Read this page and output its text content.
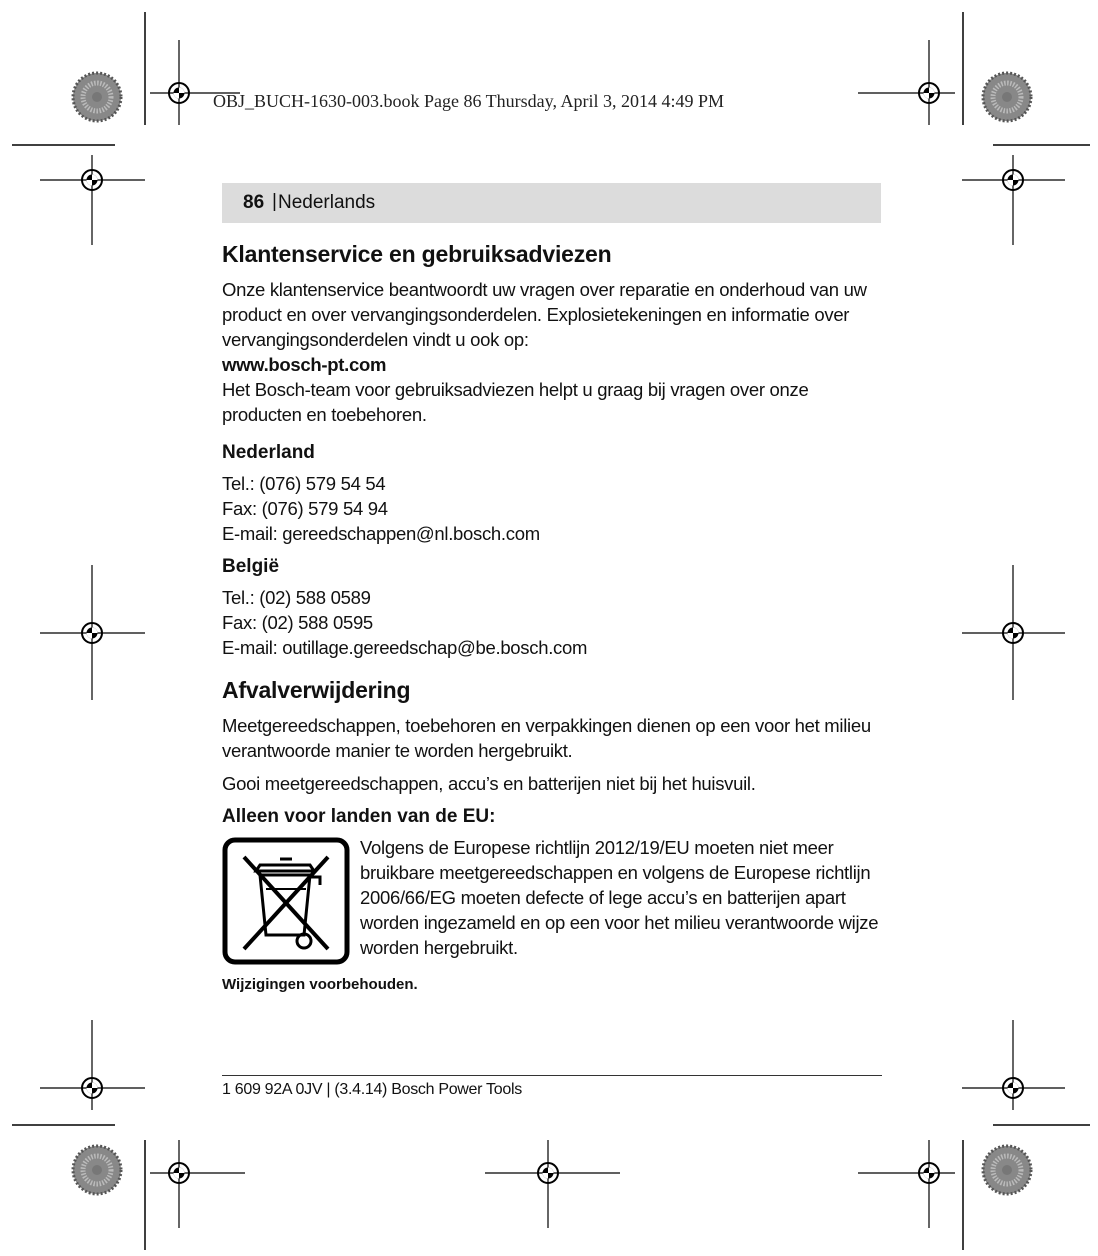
OBJ_BUCH-1630-003.book Page 86 Thursday, April 3, 2014 4:49 PM
86 | Nederlands
Klantenservice en gebruiksadviezen

Onze klantenservice beantwoordt uw vragen over reparatie en onderhoud van uw product en over vervangingsonderdelen. Explosietekeningen en informatie over vervangingsonderdelen vindt u ook op:

www.bosch-pt.com

Het Bosch-team voor gebruiksadviezen helpt u graag bij vragen over onze producten en toebehoren.

Nederland

Tel.: (076) 579 54 54

Fax: (076) 579 54 94

E-mail: gereedschappen@nl.bosch.com

België

Tel.: (02) 588 0589

Fax: (02) 588 0595

E-mail: outillage.gereedschap@be.bosch.com

Afvalverwijdering

Meetgereedschappen, toebehoren en verpakkingen dienen op een voor het milieu verantwoorde manier te worden hergebruikt.

Gooi meetgereedschappen, accu’s en batterijen niet bij het huisvuil.

Alleen voor landen van de EU:

Volgens de Europese richtlijn 2012/19/EU moeten niet meer bruikbare meetgereedschappen en volgens de Europese richtlijn 2006/66/EG moeten defecte of lege accu’s en batterijen apart worden ingezameld en op een voor het milieu verantwoorde wijze worden hergebruikt.

Wijzigingen voorbehouden.
1 609 92A 0JV | (3.4.14) Bosch Power Tools
